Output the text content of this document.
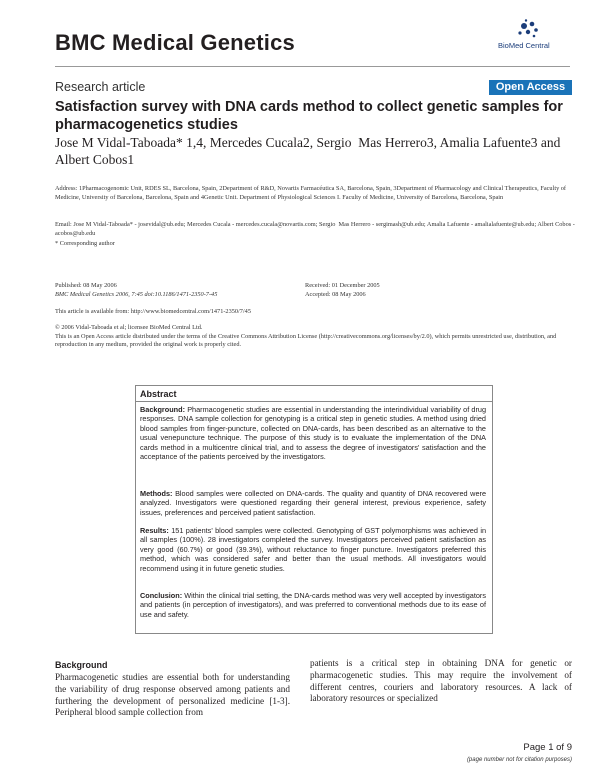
BMC Medical Genetics	BioMed Central
Research article	Open Access
Satisfaction survey with DNA cards method to collect genetic samples for pharmacogenetics studies
Jose M Vidal-Taboada* 1,4, Mercedes Cucala2, Sergio  Mas Herrero3, Amalia Lafuente3 and Albert Cobos1
Address: 1Pharmacogenomic Unit, RDES SL, Barcelona, Spain, 2Department of R&D, Novartis Farmacéutica SA, Barcelona, Spain, 3Department of Pharmacology and Clinical Therapeutics, Faculty of Medicine, University of Barcelona, Barcelona, Spain and 4Genetic Unit. Department of Physiological Sciences I. Faculty of Medicine, University of Barcelona, Barcelona, Spain
Email: Jose M Vidal-Taboada* - josevidal@ub.edu; Mercedes Cucala - mercedes.cucala@novartis.com; Sergio  Mas Herrero - sergimash@ub.edu; Amalia Lafuente - amalialafuente@ub.edu; Albert Cobos - acobos@ub.edu
* Corresponding author
Published: 08 May 2006
BMC Medical Genetics 2006, 7:45 doi:10.1186/1471-2350-7-45
Received: 01 December 2005
Accepted: 08 May 2006
This article is available from: http://www.biomedcentral.com/1471-2350/7/45
© 2006 Vidal-Taboada et al; licensee BioMed Central Ltd.
This is an Open Access article distributed under the terms of the Creative Commons Attribution License (http://creativecommons.org/licenses/by/2.0), which permits unrestricted use, distribution, and reproduction in any medium, provided the original work is properly cited.
Abstract
Background: Pharmacogenetic studies are essential in understanding the interindividual variability of drug responses. DNA sample collection for genotyping is a critical step in genetic studies. A method using dried blood samples from finger-puncture, collected on DNA-cards, has been described as an alternative to the usual venepuncture technique. The purpose of this study is to evaluate the implementation of the DNA cards method in a multicentre clinical trial, and to assess the degree of investigators' satisfaction and the acceptance of the patients perceived by the investigators.
Methods: Blood samples were collected on DNA-cards. The quality and quantity of DNA recovered were analyzed. Investigators were questioned regarding their general interest, previous experience, safety issues, preferences and perceived patient satisfaction.
Results: 151 patients' blood samples were collected. Genotyping of GST polymorphisms was achieved in all samples (100%). 28 investigators completed the survey. Investigators perceived patient satisfaction as very good (60.7%) or good (39.3%), without reluctance to finger puncture. Investigators preferred this method, which was considered safer and better than the usual methods. All investigators would recommend using it in future genetic studies.
Conclusion: Within the clinical trial setting, the DNA-cards method was very well accepted by investigators and patients (in perception of investigators), and was preferred to conventional methods due to its ease of use and safety.
Background
Pharmacogenetic studies are essential both for understanding the variability of drug response observed among patients and furthering the development of personalized medicine [1-3]. Peripheral blood sample collection from
patients is a critical step in obtaining DNA for genetic or pharmacogenetic studies. This may require the involvement of different centres, couriers and laboratory resources. A lack of laboratory resources or specialized
Page 1 of 9
(page number not for citation purposes)
